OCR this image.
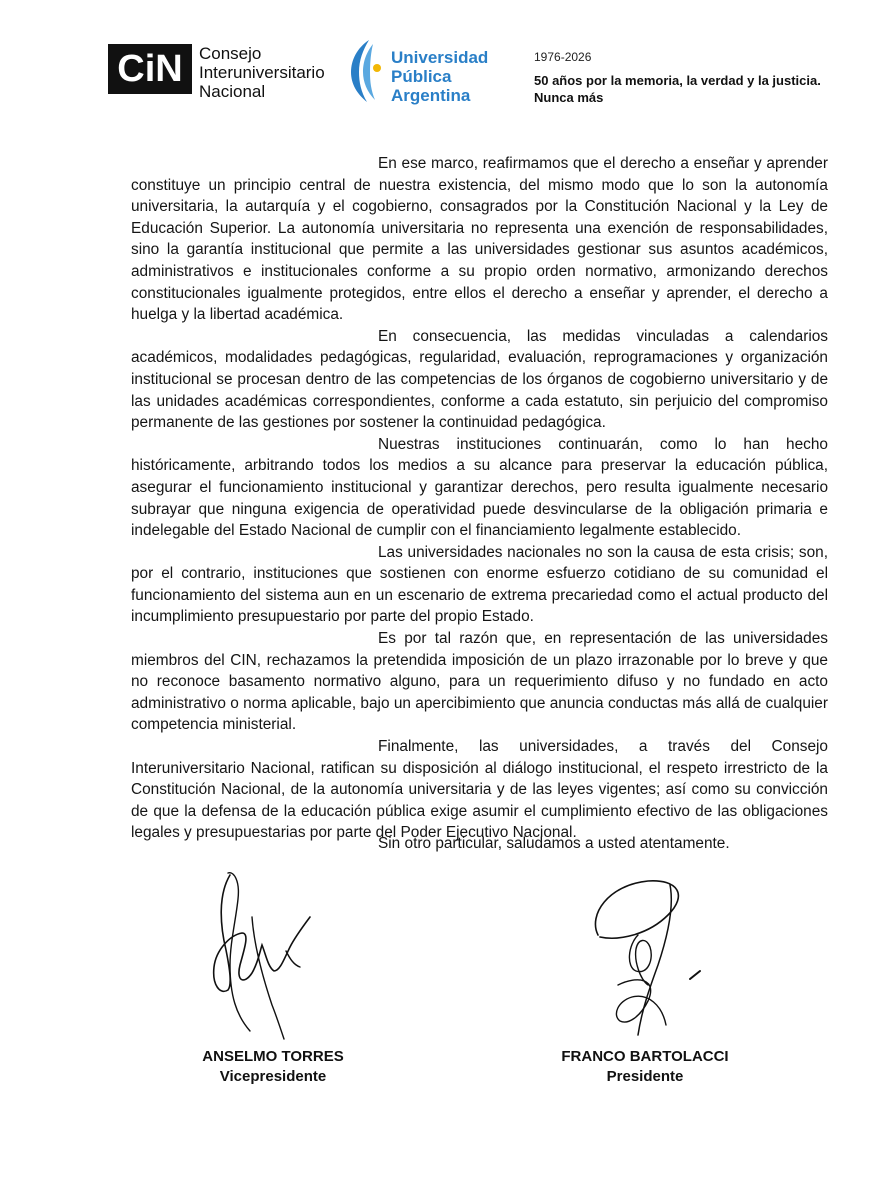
CiN Consejo
Interuniversitario
Nacional
Universidad
Pública
Argentina
1976-2026
50 años por la memoria, la verdad y la justicia.
Nunca más

En ese marco, reafirmamos que el derecho a enseñar y aprender constituye un principio central de nuestra existencia, del mismo modo que lo son la autonomía universitaria, la autarquía y el cogobierno, consagrados por la Constitución Nacional y la Ley de Educación Superior. La autonomía universitaria no representa una exención de responsabilidades, sino la garantía institucional que permite a las universidades gestionar sus asuntos académicos, administrativos e institucionales conforme a su propio orden normativo, armonizando derechos constitucionales igualmente protegidos, entre ellos el derecho a enseñar y aprender, el derecho a huelga y la libertad académica.

En consecuencia, las medidas vinculadas a calendarios académicos, modalidades pedagógicas, regularidad, evaluación, reprogramaciones y organización institucional se procesan dentro de las competencias de los órganos de cogobierno universitario y de las unidades académicas correspondientes, conforme a cada estatuto, sin perjuicio del compromiso permanente de las gestiones por sostener la continuidad pedagógica.

Nuestras instituciones continuarán, como lo han hecho históricamente, arbitrando todos los medios a su alcance para preservar la educación pública, asegurar el funcionamiento institucional y garantizar derechos, pero resulta igualmente necesario subrayar que ninguna exigencia de operatividad puede desvincularse de la obligación primaria e indelegable del Estado Nacional de cumplir con el financiamiento legalmente establecido.

Las universidades nacionales no son la causa de esta crisis; son, por el contrario, instituciones que sostienen con enorme esfuerzo cotidiano de su comunidad el funcionamiento del sistema aun en un escenario de extrema precariedad como el actual producto del incumplimiento presupuestario por parte del propio Estado.

Es por tal razón que, en representación de las universidades miembros del CIN, rechazamos la pretendida imposición de un plazo irrazonable por lo breve y que no reconoce basamento normativo alguno, para un requerimiento difuso y no fundado en acto administrativo o norma aplicable, bajo un apercibimiento que anuncia conductas más allá de cualquier competencia ministerial.

Finalmente, las universidades, a través del Consejo Interuniversitario Nacional, ratifican su disposición al diálogo institucional, el respeto irrestricto de la Constitución Nacional, de la autonomía universitaria y de las leyes vigentes; así como su convicción de que la defensa de la educación pública exige asumir el cumplimiento efectivo de las obligaciones legales y presupuestarias por parte del Poder Ejecutivo Nacional.

Sin otro particular, saludamos a usted atentamente.
ANSELMO TORRES
Vicepresidente
FRANCO BARTOLACCI
Presidente
